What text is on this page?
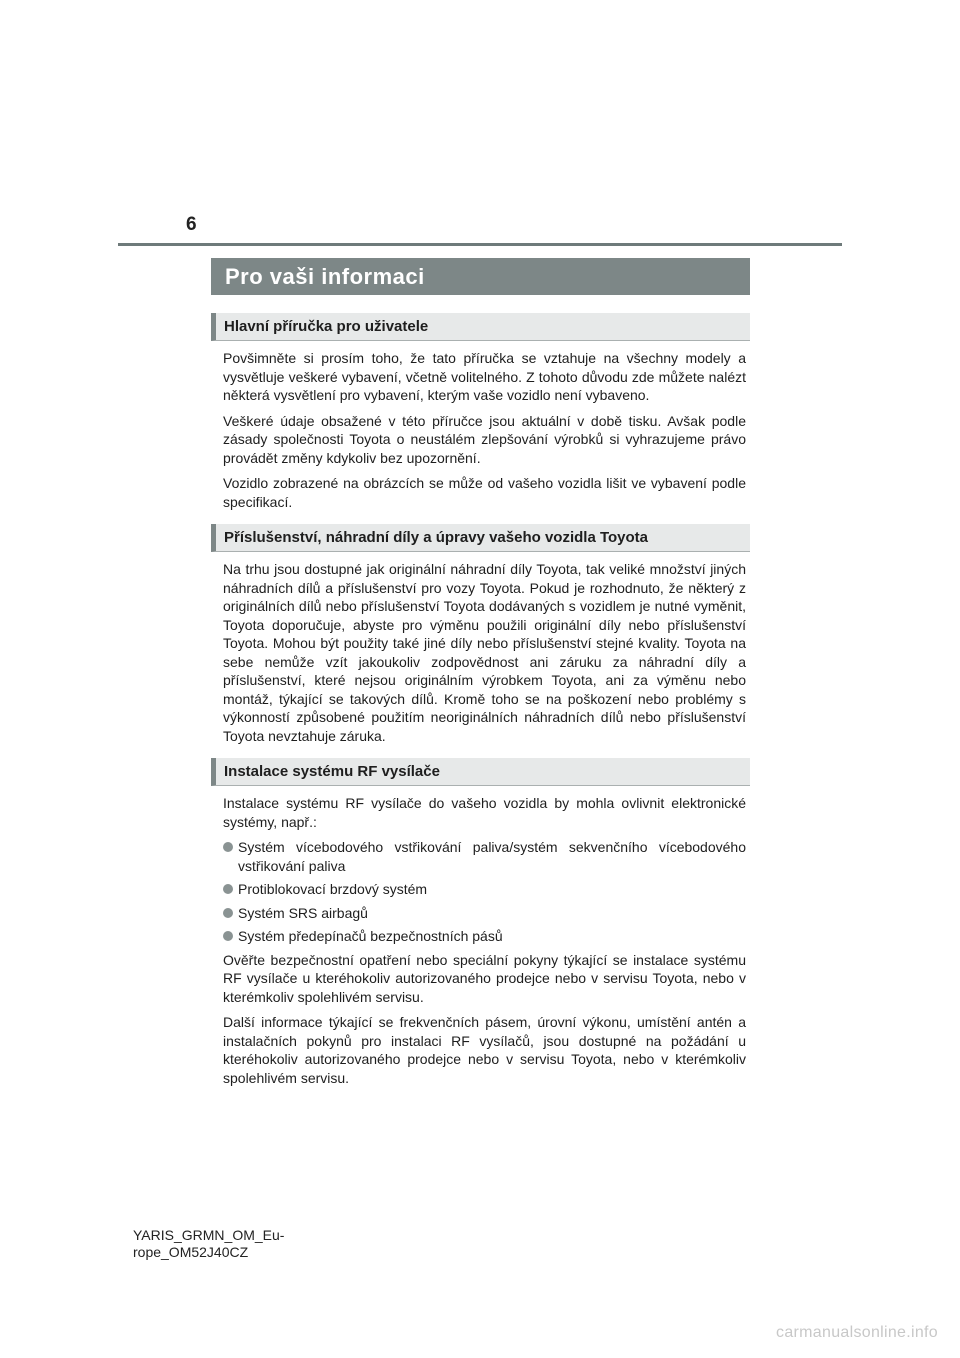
6
Pro vaši informaci
Hlavní příručka pro uživatele

Povšimněte si prosím toho, že tato příručka se vztahuje na všechny modely a vysvětluje veškeré vybavení, včetně volitelného. Z tohoto důvodu zde můžete nalézt některá vysvětlení pro vybavení, kterým vaše vozidlo není vybaveno.

Veškeré údaje obsažené v této příručce jsou aktuální v době tisku. Avšak podle zásady společnosti Toyota o neustálém zlepšování výrobků si vyhrazujeme právo provádět změny kdykoliv bez upozornění.

Vozidlo zobrazené na obrázcích se může od vašeho vozidla lišit ve vybavení podle specifikací.

Příslušenství, náhradní díly a úpravy vašeho vozidla Toyota

Na trhu jsou dostupné jak originální náhradní díly Toyota, tak veliké množství jiných náhradních dílů a příslušenství pro vozy Toyota. Pokud je rozhodnuto, že některý z originálních dílů nebo příslušenství Toyota dodávaných s vozidlem je nutné vyměnit, Toyota doporučuje, abyste pro výměnu použili originální díly nebo příslušenství Toyota. Mohou být použity také jiné díly nebo příslušenství stejné kvality. Toyota na sebe nemůže vzít jakoukoliv zodpovědnost ani záruku za náhradní díly a příslušenství, které nejsou originálním výrobkem Toyota, ani za výměnu nebo montáž, týkající se takových dílů. Kromě toho se na poškození nebo problémy s výkonností způsobené použitím neoriginálních náhradních dílů nebo příslušenství Toyota nevztahuje záruka.

Instalace systému RF vysílače

Instalace systému RF vysílače do vašeho vozidla by mohla ovlivnit elektronické systémy, např.:

Systém vícebodového vstřikování paliva/systém sekvenčního vícebodového vstřikování paliva
Protiblokovací brzdový systém
Systém SRS airbagů
Systém předepínačů bezpečnostních pásů

Ověřte bezpečnostní opatření nebo speciální pokyny týkající se instalace systému RF vysílače u kteréhokoliv autorizovaného prodejce nebo v servisu Toyota, nebo v kterémkoliv spolehlivém servisu.

Další informace týkající se frekvenčních pásem, úrovní výkonu, umístění antén a instalačních pokynů pro instalaci RF vysílačů, jsou dostupné na požádání u kteréhokoliv autorizovaného prodejce nebo v servisu Toyota, nebo v kterémkoliv spolehlivém servisu.

YARIS_GRMN_OM_Eu-
rope_OM52J40CZ
carmanualsonline.info
